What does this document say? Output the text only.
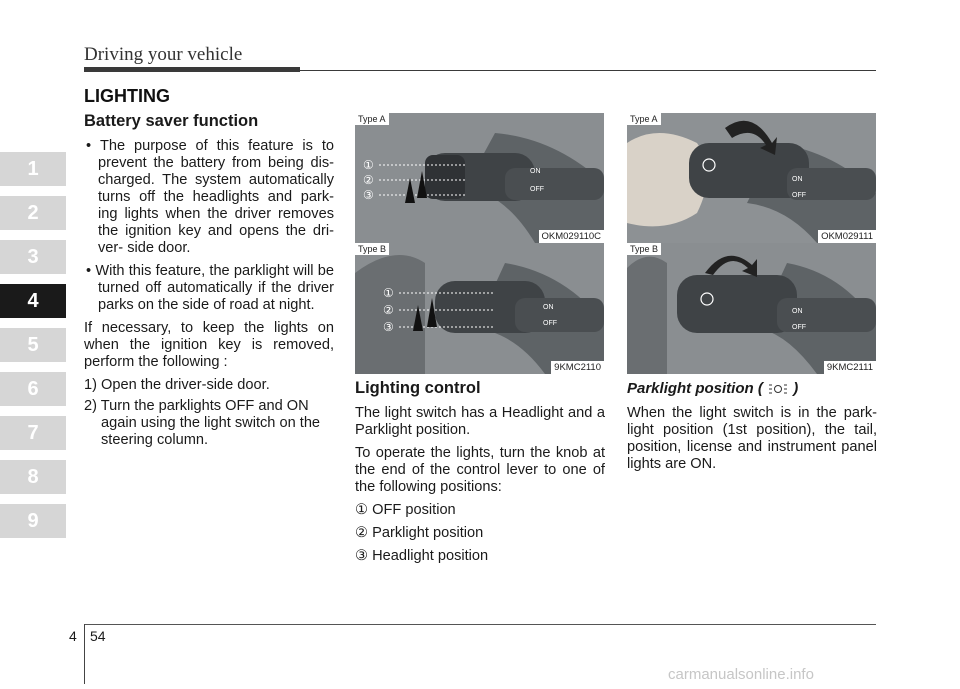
Driving your vehicle
LIGHTING
1
2
3
4
5
6
7
8
9
Battery saver function
• The purpose of this feature is to prevent the battery from being dis- charged. The system automatically turns off the headlights and park- ing lights when the driver removes the ignition key and opens the dri- ver- side door.
• With this feature, the parklight will be turned off automatically if the driver parks on the side of road at night.

If necessary, to keep the lights on when the ignition key is removed, perform the following :

1) Open the driver-side door.
2) Turn the parklights OFF and ON again using the light switch on the steering column.
ON
OFF
①
②
③
Type A
OKM029110C
ON
OFF
①
②
③
Type B
9KMC2110
ON
OFF
Type A
OKM029111
ON
OFF
Type B
9KMC2111
Lighting control

The light switch has a Headlight and a Parklight position.

To operate the lights, turn the knob at the end of the control lever to one of the following positions:

① OFF position

② Parklight position

③ Headlight position

Parklight position ( )

When the light switch is in the park- light position (1st position), the tail, position, license and instrument panel lights are ON.

4 54
carmanualsonline.info
